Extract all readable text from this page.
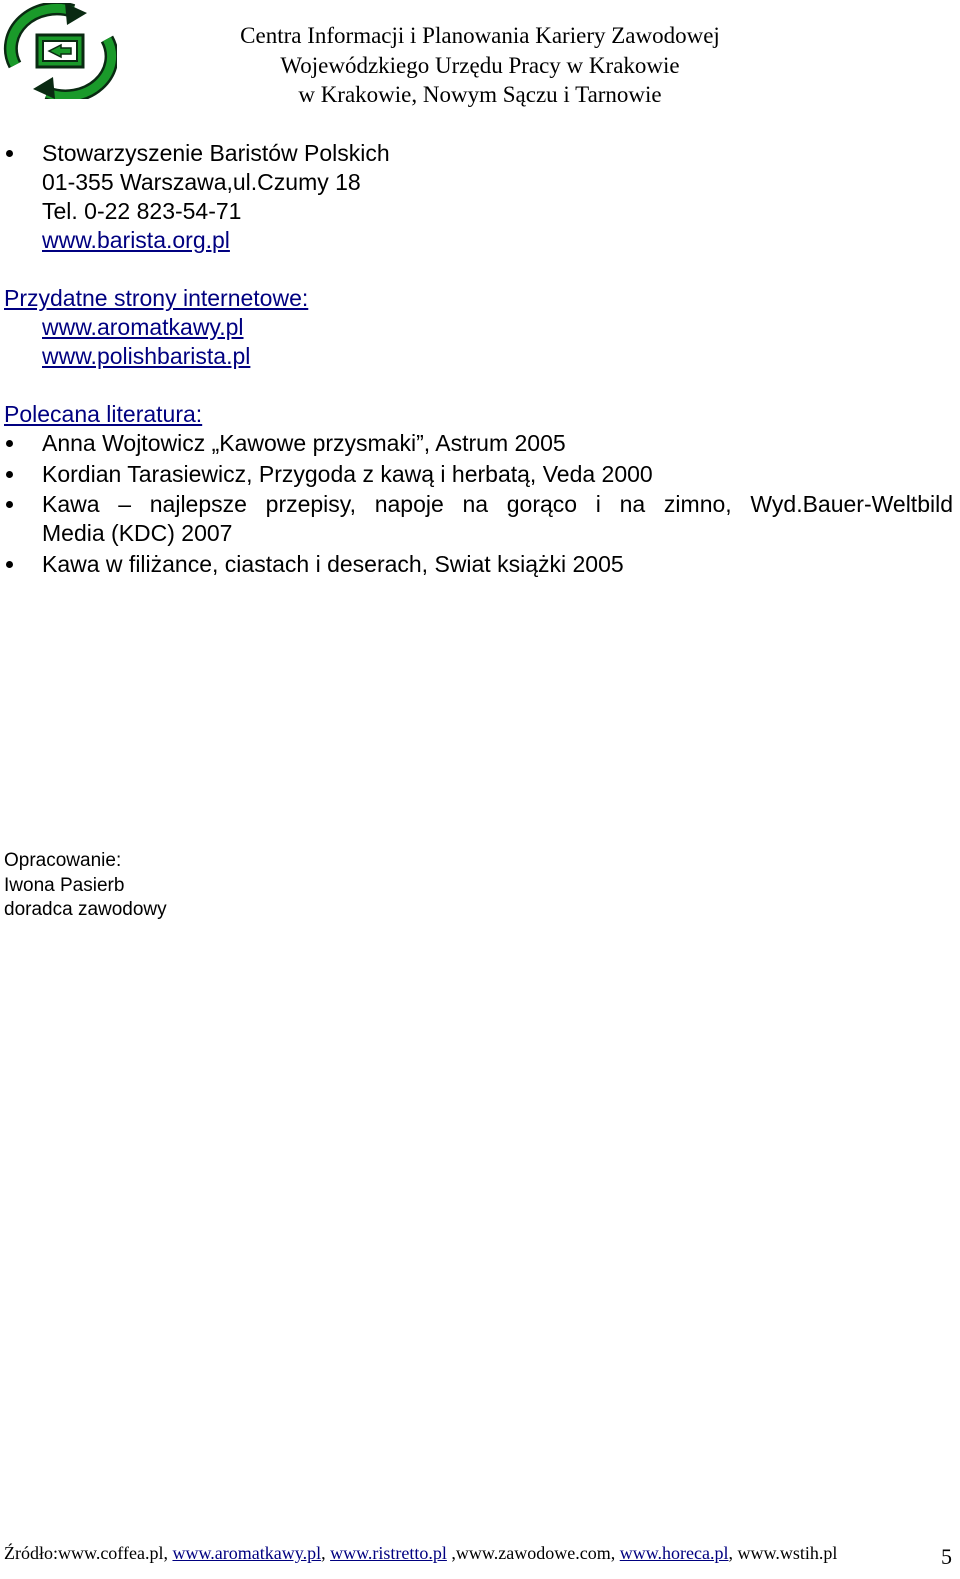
Centra Informacji i Planowania Kariery Zawodowej
Wojewódzkiego Urzędu Pracy w Krakowie
w Krakowie, Nowym Sączu i Tarnowie
Stowarzyszenie Baristów Polskich
01-355 Warszawa,ul.Czumy 18
Tel. 0-22 823-54-71
www.barista.org.pl
Przydatne strony internetowe:
www.aromatkawy.pl
www.polishbarista.pl
Polecana literatura:
Anna Wojtowicz „Kawowe przysmaki”, Astrum 2005
Kordian Tarasiewicz, Przygoda z kawą i herbatą, Veda 2000
Kawa – najlepsze przepisy, napoje na gorąco i na zimno, Wyd.Bauer-Weltbild
Media (KDC) 2007
Kawa w filiżance, ciastach i deserach, Swiat książki 2005
Opracowanie:
Iwona Pasierb
doradca zawodowy
Źródło:www.coffea.pl, www.aromatkawy.pl, www.ristretto.pl ,www.zawodowe.com, www.horeca.pl, www.wstih.pl	5
